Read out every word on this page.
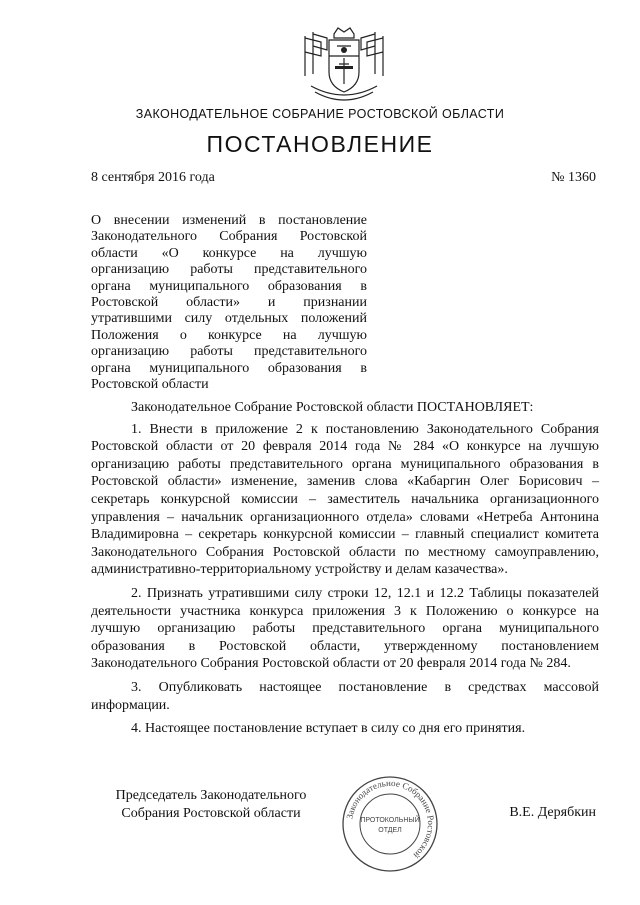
ЗАКОНОДАТЕЛЬНОЕ СОБРАНИЕ РОСТОВСКОЙ ОБЛАСТИ
ПОСТАНОВЛЕНИЕ
8 сентября 2016 года	№ 1360
О внесении изменений в постановление Законодательного Собрания Ростовской области «О конкурсе на лучшую организацию работы представительного органа муниципального образования в Ростовской области» и признании утратившими силу отдельных положений Положения о конкурсе на лучшую организацию работы представительного органа муниципального образования в Ростовской области

Законодательное Собрание Ростовской области ПОСТАНОВЛЯЕТ:

1. Внести в приложение 2 к постановлению Законодательного Собрания Ростовской области от 20 февраля 2014 года № 284 «О конкурсе на лучшую организацию работы представительного органа муниципального образования в Ростовской области» изменение, заменив слова «Кабаргин Олег Борисович – секретарь конкурсной комиссии – заместитель начальника организационного управления – начальник организационного отдела» словами «Нетреба Антонина Владимировна – секретарь конкурсной комиссии – главный специалист комитета Законодательного Собрания Ростовской области по местному самоуправлению, административно-территориальному устройству и делам казачества».

2. Признать утратившими силу строки 12, 12.1 и 12.2 Таблицы показателей деятельности участника конкурса приложения 3 к Положению о конкурсе на лучшую организацию работы представительного органа муниципального образования в Ростовской области, утвержденному постановлением Законодательного Собрания Ростовской области от 20 февраля 2014 года № 284.

3. Опубликовать настоящее постановление в средствах массовой информации.

4. Настоящее постановление вступает в силу со дня его принятия.

Председатель Законодательного
Собрания Ростовской области	Законодательное Собрание Ростовской
ПРОТОКОЛЬНЫЙ
ОТДЕЛ
В.Е. Дерябкин
